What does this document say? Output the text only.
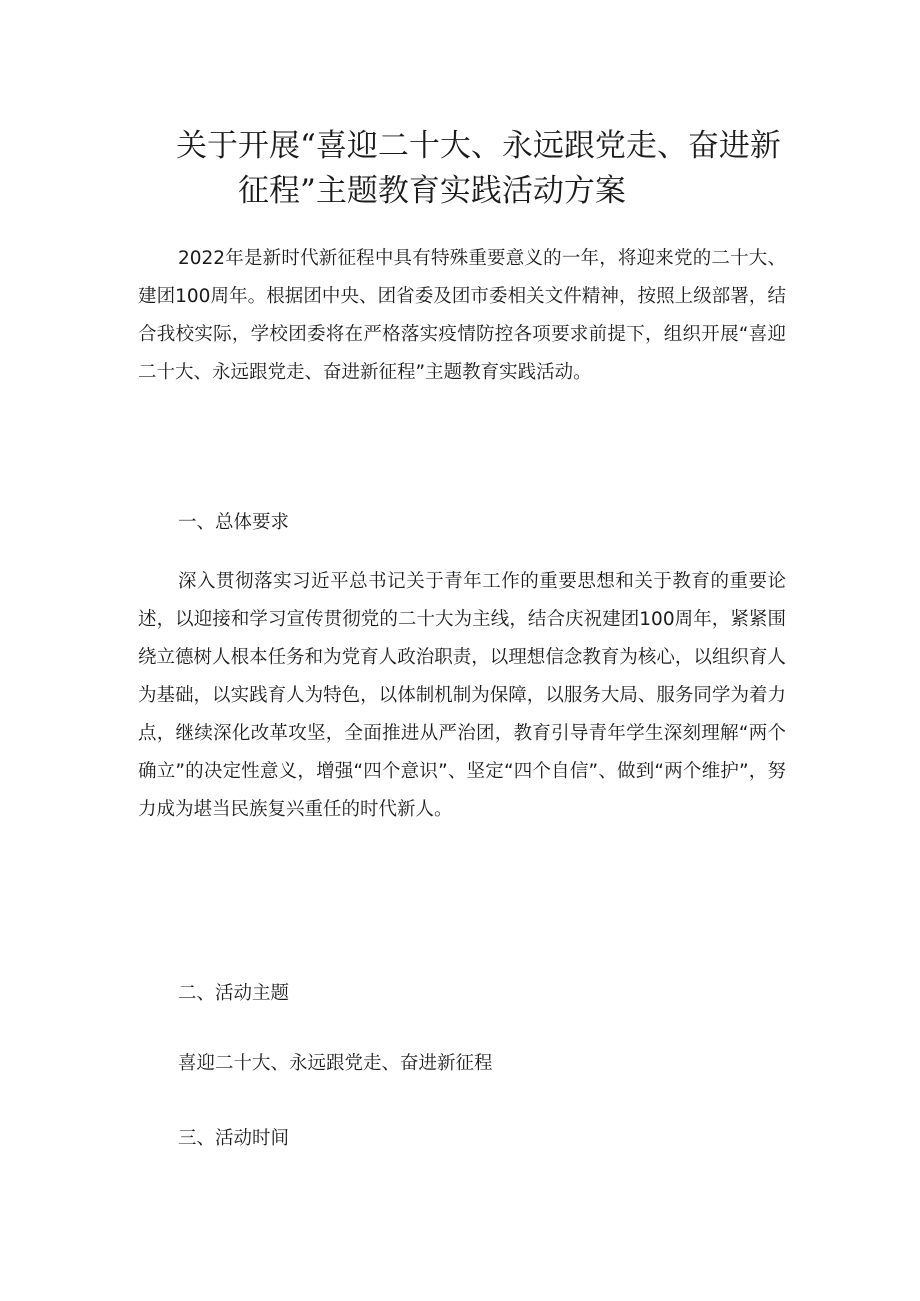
关于开展“喜迎二十大、永远跟党走、奋进新
征程”主题教育实践活动方案

2022年是新时代新征程中具有特殊重要意义的一年，将迎来党的二十大、建团100周年。根据团中央、团省委及团市委相关文件精神，按照上级部署，结合我校实际，学校团委将在严格落实疫情防控各项要求前提下，组织开展“喜迎二十大、永远跟党走、奋进新征程”主题教育实践活动。

一、总体要求

深入贯彻落实习近平总书记关于青年工作的重要思想和关于教育的重要论述，以迎接和学习宣传贯彻党的二十大为主线，结合庆祝建团100周年，紧紧围绕立德树人根本任务和为党育人政治职责，以理想信念教育为核心，以组织育人为基础，以实践育人为特色，以体制机制为保障，以服务大局、服务同学为着力点，继续深化改革攻坚，全面推进从严治团，教育引导青年学生深刻理解“两个确立”的决定性意义，增强“四个意识”、坚定“四个自信”、做到“两个维护”，努力成为堪当民族复兴重任的时代新人。

二、活动主题

喜迎二十大、永远跟党走、奋进新征程

三、活动时间
